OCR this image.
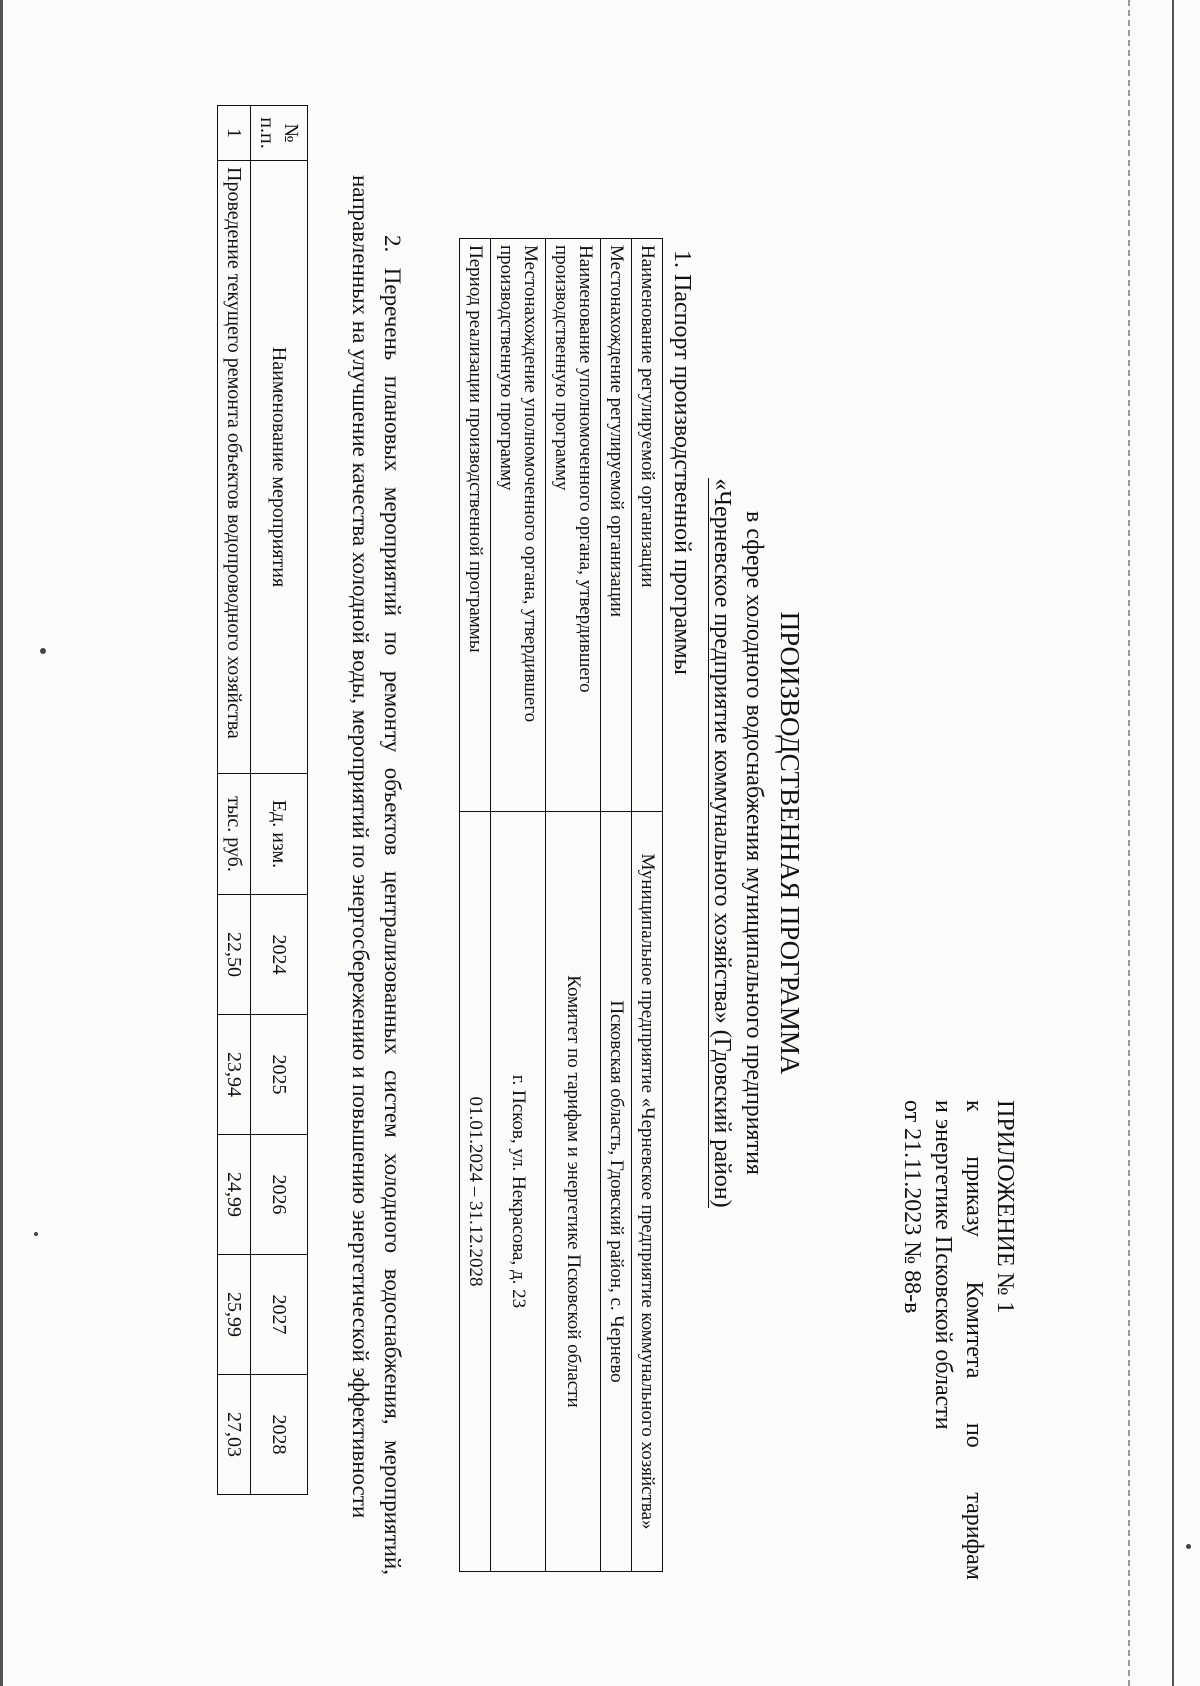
ПРИЛОЖЕНИЕ № 1
к приказу Комитета по тарифам
и энергетике Псковской области
от 21.11.2023 № 88-в
ПРОИЗВОДСТВЕННАЯ ПРОГРАММА
в сфере холодного водоснабжения муниципального предприятия
«Черневское предприятие коммунального хозяйства» (Гдовский район)
1. Паспорт производственной программы
Наименование регулируемой организации	Муниципальное предприятие «Черневское предприятие коммунального хозяйства»
Местонахождение регулируемой организации	Псковская область, Гдовский район, с. Чернево
Наименование уполномоченного органа, утвердившего производственную программу	Комитет по тарифам и энергетике Псковской области
Местонахождение уполномоченного органа, утвердившего производственную программу	г. Псков, ул. Некрасова, д. 23
Период реализации производственной программы	01.01.2024 – 31.12.2028
2. Перечень плановых мероприятий по ремонту объектов централизованных систем холодного водоснабжения, мероприятий, направленных на улучшение качества холодной воды, мероприятий по энергосбережению и повышению энергетической эффективности
№ п.п.	Наименование мероприятия	Ед. изм.	2024	2025	2026	2027	2028
1	Проведение текущего ремонта объектов водопроводного хозяйства	тыс. руб.	22,50	23,94	24,99	25,99	27,03
